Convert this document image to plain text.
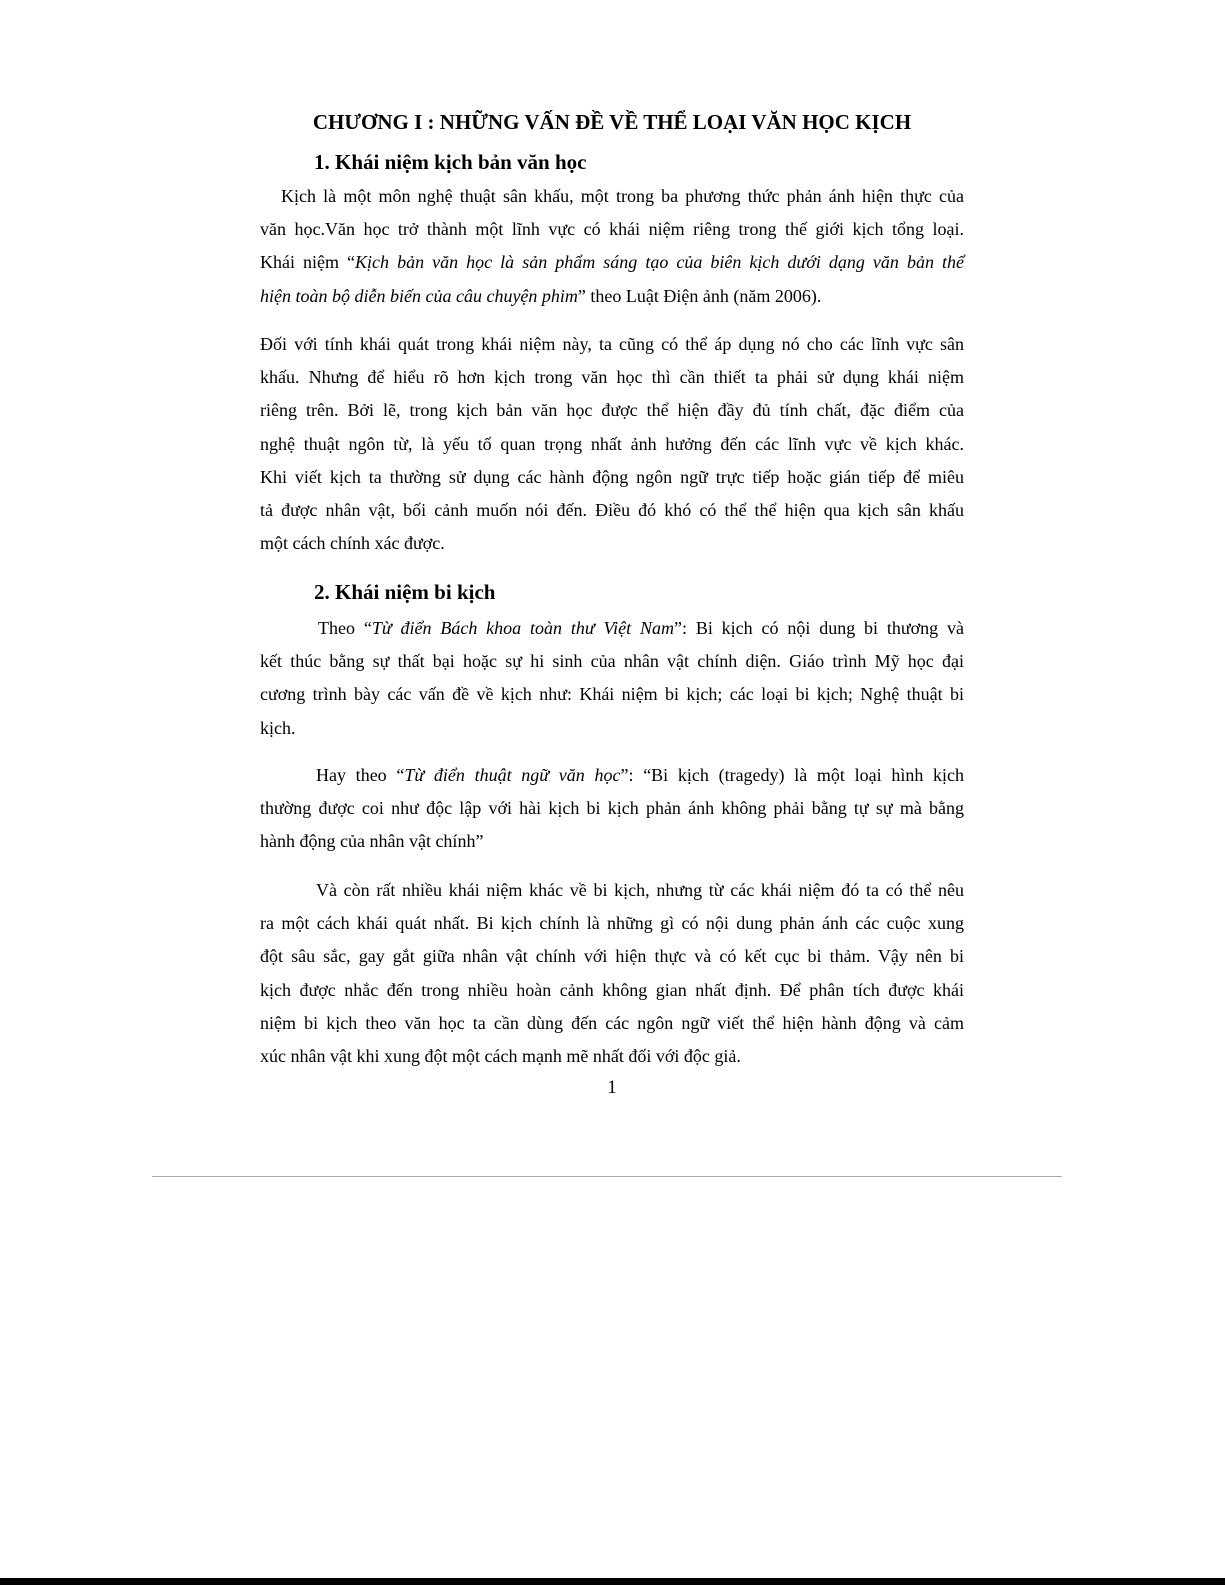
CHƯƠNG I : NHỮNG VẤN ĐỀ VỀ THỂ LOẠI VĂN HỌC KỊCH
1. Khái niệm kịch bản văn học
Kịch là một môn nghệ thuật sân khấu, một trong ba phương thức phản ánh hiện thực của
văn học.Văn học trở thành một lĩnh vực có khái niệm riêng trong thế giới kịch tổng loại.
Khái niệm “Kịch bản văn học là sản phẩm sáng tạo của biên kịch dưới dạng văn bản thể
hiện toàn bộ diễn biến của câu chuyện phim” theo Luật Điện ảnh (năm 2006).
Đối với tính khái quát trong khái niệm này, ta cũng có thể áp dụng nó cho các lĩnh vực sân
khấu. Nhưng để hiểu rõ hơn kịch trong văn học thì cần thiết ta phải sử dụng khái niệm
riêng trên. Bởi lẽ, trong kịch bản văn học được thể hiện đầy đủ tính chất, đặc điểm của
nghệ thuật ngôn từ, là yếu tố quan trọng nhất ảnh hưởng đến các lĩnh vực về kịch khác.
Khi viết kịch ta thường sử dụng các hành động ngôn ngữ trực tiếp hoặc gián tiếp để miêu
tả được nhân vật, bối cảnh muốn nói đến. Điều đó khó có thể thể hiện qua kịch sân khấu
một cách chính xác được.
2. Khái niệm bi kịch
Theo “Từ điển Bách khoa toàn thư Việt Nam”: Bi kịch có nội dung bi thương và
kết thúc bằng sự thất bại hoặc sự hi sinh của nhân vật chính diện. Giáo trình Mỹ học đại
cương trình bày các vấn đề về kịch như: Khái niệm bi kịch; các loại bi kịch; Nghệ thuật bi
kịch.
Hay theo “Từ điển thuật ngữ văn học”: “Bi kịch (tragedy) là một loại hình kịch
thường được coi như độc lập với hài kịch bi kịch phản ánh không phải bằng tự sự mà bằng
hành động của nhân vật chính”
Và còn rất nhiều khái niệm khác về bi kịch, nhưng từ các khái niệm đó ta có thể nêu
ra một cách khái quát nhất. Bi kịch chính là những gì có nội dung phản ánh các cuộc xung
đột sâu sắc, gay gắt giữa nhân vật chính với hiện thực và có kết cục bi thảm. Vậy nên bi
kịch được nhắc đến trong nhiều hoàn cảnh không gian nhất định. Để phân tích được khái
niệm bi kịch theo văn học ta cần dùng đến các ngôn ngữ viết thể hiện hành động và cảm
xúc nhân vật khi xung đột một cách mạnh mẽ nhất đối với độc giả.
1
